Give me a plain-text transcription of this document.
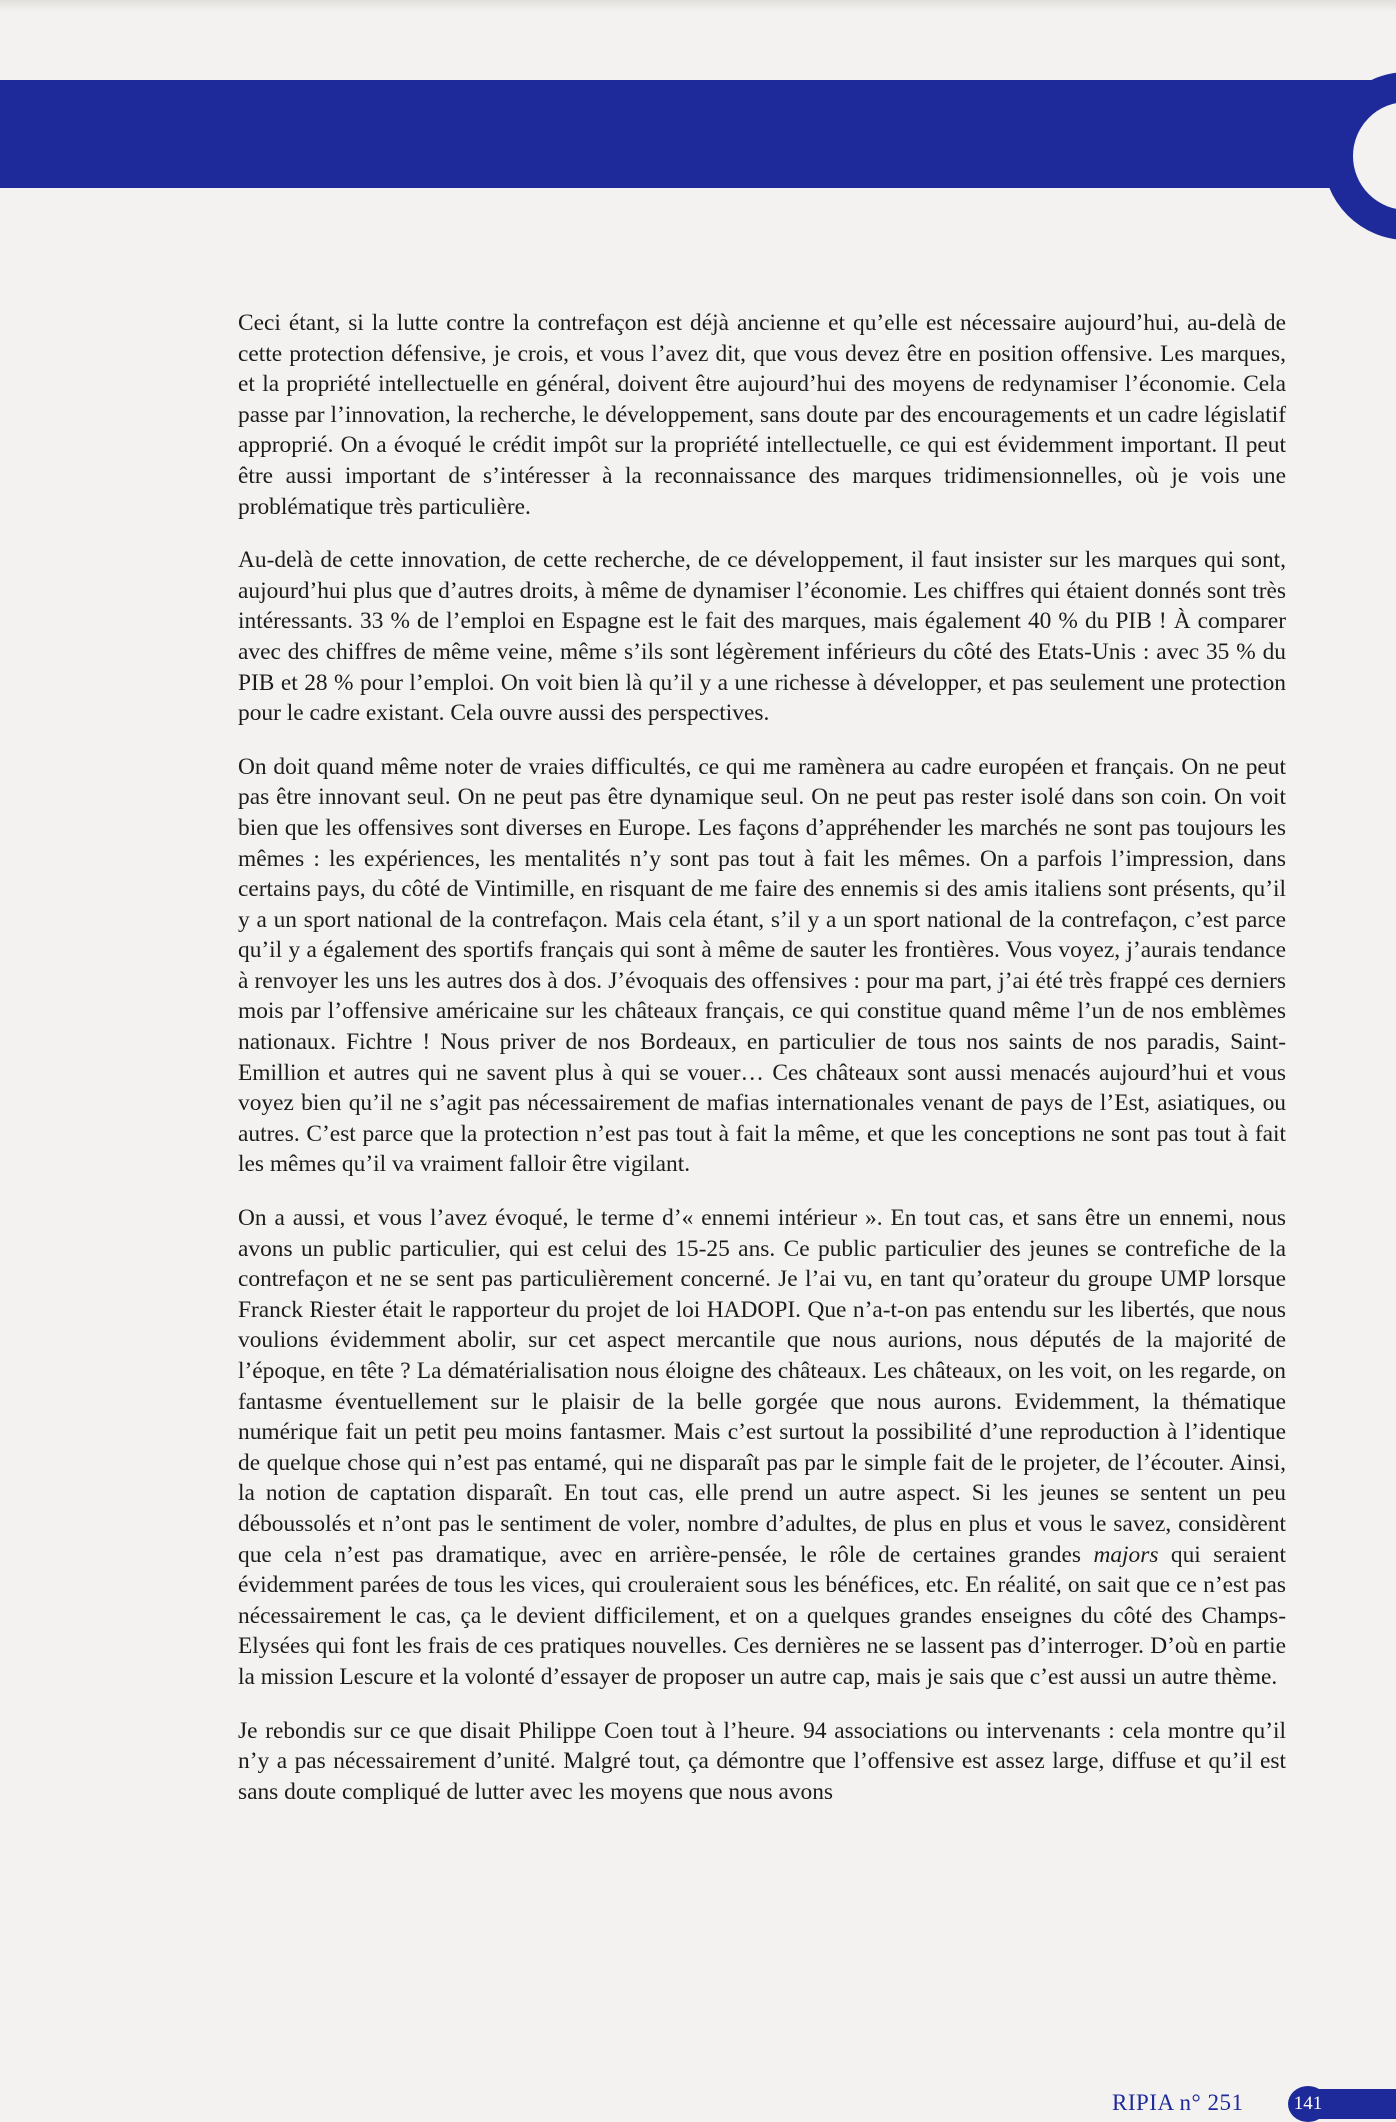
Ceci étant, si la lutte contre la contrefaçon est déjà ancienne et qu’elle est nécessaire aujourd’hui, au-delà de cette protection défensive, je crois, et vous l’avez dit, que vous devez être en position offensive. Les marques, et la propriété intellectuelle en général, doivent être aujourd’hui des moyens de redynamiser l’économie. Cela passe par l’innovation, la recherche, le développement, sans doute par des encouragements et un cadre législatif approprié. On a évoqué le crédit impôt sur la propriété intellectuelle, ce qui est évidemment important. Il peut être aussi important de s’intéresser à la reconnaissance des marques tridimensionnelles, où je vois une problématique très particulière.

Au-delà de cette innovation, de cette recherche, de ce développement, il faut insister sur les marques qui sont, aujourd’hui plus que d’autres droits, à même de dynamiser l’économie. Les chiffres qui étaient donnés sont très intéressants. 33 % de l’emploi en Espagne est le fait des marques, mais également 40 % du PIB ! À comparer avec des chiffres de même veine, même s’ils sont légèrement inférieurs du côté des Etats-Unis : avec 35 % du PIB et 28 % pour l’emploi. On voit bien là qu’il y a une richesse à développer, et pas seulement une protection pour le cadre existant. Cela ouvre aussi des perspectives.

On doit quand même noter de vraies difficultés, ce qui me ramènera au cadre européen et français. On ne peut pas être innovant seul. On ne peut pas être dynamique seul. On ne peut pas rester isolé dans son coin. On voit bien que les offensives sont diverses en Europe. Les façons d’appréhender les marchés ne sont pas toujours les mêmes : les expériences, les mentalités n’y sont pas tout à fait les mêmes. On a parfois l’impression, dans certains pays, du côté de Vintimille, en risquant de me faire des ennemis si des amis italiens sont présents, qu’il y a un sport national de la contrefaçon. Mais cela étant, s’il y a un sport national de la contrefaçon, c’est parce qu’il y a également des sportifs français qui sont à même de sauter les frontières. Vous voyez, j’aurais tendance à renvoyer les uns les autres dos à dos. J’évoquais des offensives : pour ma part, j’ai été très frappé ces derniers mois par l’offensive américaine sur les châteaux français, ce qui constitue quand même l’un de nos emblèmes nationaux. Fichtre ! Nous priver de nos Bordeaux, en particulier de tous nos saints de nos paradis, Saint-Emillion et autres qui ne savent plus à qui se vouer… Ces châteaux sont aussi menacés aujourd’hui et vous voyez bien qu’il ne s’agit pas nécessairement de mafias internationales venant de pays de l’Est, asiatiques, ou autres. C’est parce que la protection n’est pas tout à fait la même, et que les conceptions ne sont pas tout à fait les mêmes qu’il va vraiment falloir être vigilant.

On a aussi, et vous l’avez évoqué, le terme d’« ennemi intérieur ». En tout cas, et sans être un ennemi, nous avons un public particulier, qui est celui des 15-25 ans. Ce public particulier des jeunes se contrefiche de la contrefaçon et ne se sent pas particulièrement concerné. Je l’ai vu, en tant qu’orateur du groupe UMP lorsque Franck Riester était le rapporteur du projet de loi HADOPI. Que n’a-t-on pas entendu sur les libertés, que nous voulions évidemment abolir, sur cet aspect mercantile que nous aurions, nous députés de la majorité de l’époque, en tête ? La dématérialisation nous éloigne des châteaux. Les châteaux, on les voit, on les regarde, on fantasme éventuellement sur le plaisir de la belle gorgée que nous aurons. Evidemment, la thématique numérique fait un petit peu moins fantasmer. Mais c’est surtout la possibilité d’une reproduction à l’identique de quelque chose qui n’est pas entamé, qui ne disparaît pas par le simple fait de le projeter, de l’écouter. Ainsi, la notion de captation disparaît. En tout cas, elle prend un autre aspect. Si les jeunes se sentent un peu déboussolés et n’ont pas le sentiment de voler, nombre d’adultes, de plus en plus et vous le savez, considèrent que cela n’est pas dramatique, avec en arrière-pensée, le rôle de certaines grandes majors qui seraient évidemment parées de tous les vices, qui crouleraient sous les bénéfices, etc. En réalité, on sait que ce n’est pas nécessairement le cas, ça le devient difficilement, et on a quelques grandes enseignes du côté des Champs-Elysées qui font les frais de ces pratiques nouvelles. Ces dernières ne se lassent pas d’interroger. D’où en partie la mission Lescure et la volonté d’essayer de proposer un autre cap, mais je sais que c’est aussi un autre thème.

Je rebondis sur ce que disait Philippe Coen tout à l’heure. 94 associations ou intervenants : cela montre qu’il n’y a pas nécessairement d’unité. Malgré tout, ça démontre que l’offensive est assez large, diffuse et qu’il est sans doute compliqué de lutter avec les moyens que nous avons

RIPIA n° 251	141
